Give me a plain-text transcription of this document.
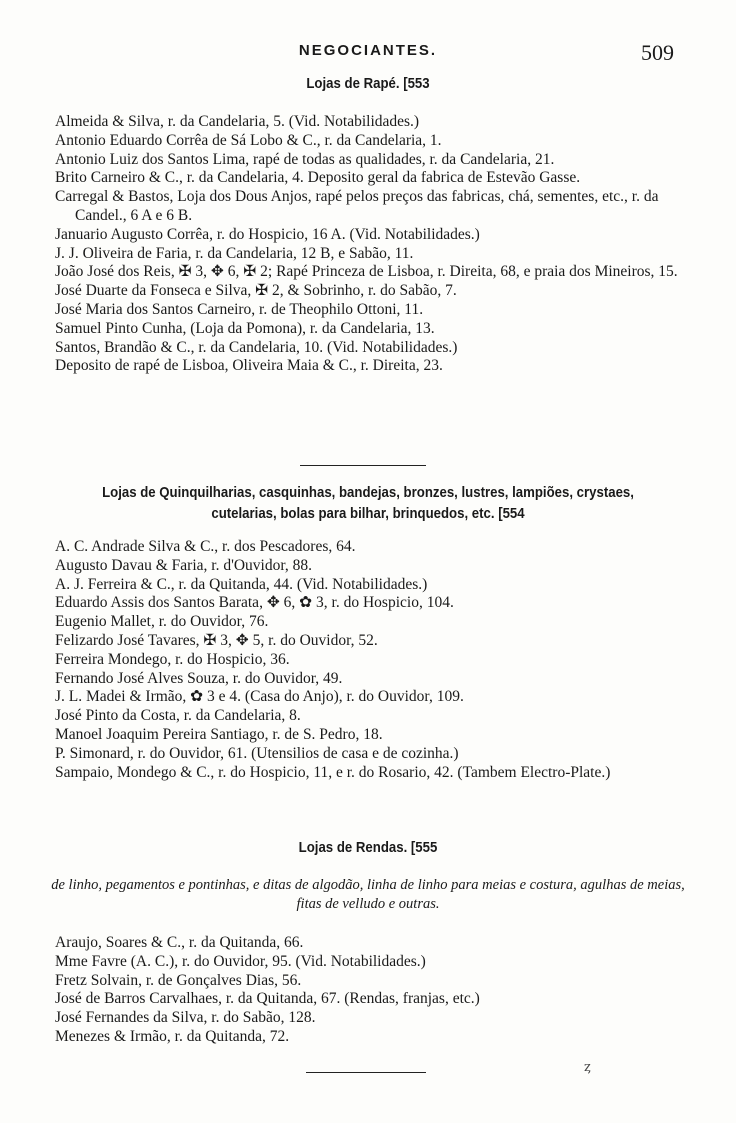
NEGOCIANTES.	509
Lojas de Rapé. [553
Almeida & Silva, r. da Candelaria, 5. (Vid. Notabilidades.)
Antonio Eduardo Corrêa de Sá Lobo & C., r. da Candelaria, 1.
Antonio Luiz dos Santos Lima, rapé de todas as qualidades, r. da Candelaria, 21.
Brito Carneiro & C., r. da Candelaria, 4. Deposito geral da fabrica de Estevão Gasse.
Carregal & Bastos, Loja dos Dous Anjos, rapé pelos preços das fabricas, chá, sementes, etc., r. da Candel., 6 A e 6 B.
Januario Augusto Corrêa, r. do Hospicio, 16 A. (Vid. Notabilidades.)
J. J. Oliveira de Faria, r. da Candelaria, 12 B, e Sabão, 11.
João José dos Reis, ✠ 3, ✥ 6, ✠ 2; Rapé Princeza de Lisboa, r. Direita, 68, e praia dos Mineiros, 15.
José Duarte da Fonseca e Silva, ✠ 2, & Sobrinho, r. do Sabão, 7.
José Maria dos Santos Carneiro, r. de Theophilo Ottoni, 11.
Samuel Pinto Cunha, (Loja da Pomona), r. da Candelaria, 13.
Santos, Brandão & C., r. da Candelaria, 10. (Vid. Notabilidades.)
Deposito de rapé de Lisboa, Oliveira Maia & C., r. Direita, 23.
Lojas de Quinquilharias, casquinhas, bandejas, bronzes, lustres, lampiões, crystaes, cutelarias, bolas para bilhar, brinquedos, etc. [554
A. C. Andrade Silva & C., r. dos Pescadores, 64.
Augusto Davau & Faria, r. d'Ouvidor, 88.
A. J. Ferreira & C., r. da Quitanda, 44. (Vid. Notabilidades.)
Eduardo Assis dos Santos Barata, ✥ 6, ✿ 3, r. do Hospicio, 104.
Eugenio Mallet, r. do Ouvidor, 76.
Felizardo José Tavares, ✠ 3, ✥ 5, r. do Ouvidor, 52.
Ferreira Mondego, r. do Hospicio, 36.
Fernando José Alves Souza, r. do Ouvidor, 49.
J. L. Madei & Irmão, ✿ 3 e 4. (Casa do Anjo), r. do Ouvidor, 109.
José Pinto da Costa, r. da Candelaria, 8.
Manoel Joaquim Pereira Santiago, r. de S. Pedro, 18.
P. Simonard, r. do Ouvidor, 61. (Utensilios de casa e de cozinha.)
Sampaio, Mondego & C., r. do Hospicio, 11, e r. do Rosario, 42. (Tambem Electro-Plate.)
Lojas de Rendas. [555
de linho, pegamentos e pontinhas, e ditas de algodão, linha de linho para meias e costura, agulhas de meias, fitas de velludo e outras.
Araujo, Soares & C., r. da Quitanda, 66.
Mme Favre (A. C.), r. do Ouvidor, 95. (Vid. Notabilidades.)
Fretz Solvain, r. de Gonçalves Dias, 56.
José de Barros Carvalhaes, r. da Quitanda, 67. (Rendas, franjas, etc.)
José Fernandes da Silva, r. do Sabão, 128.
Menezes & Irmão, r. da Quitanda, 72.
ȥ
